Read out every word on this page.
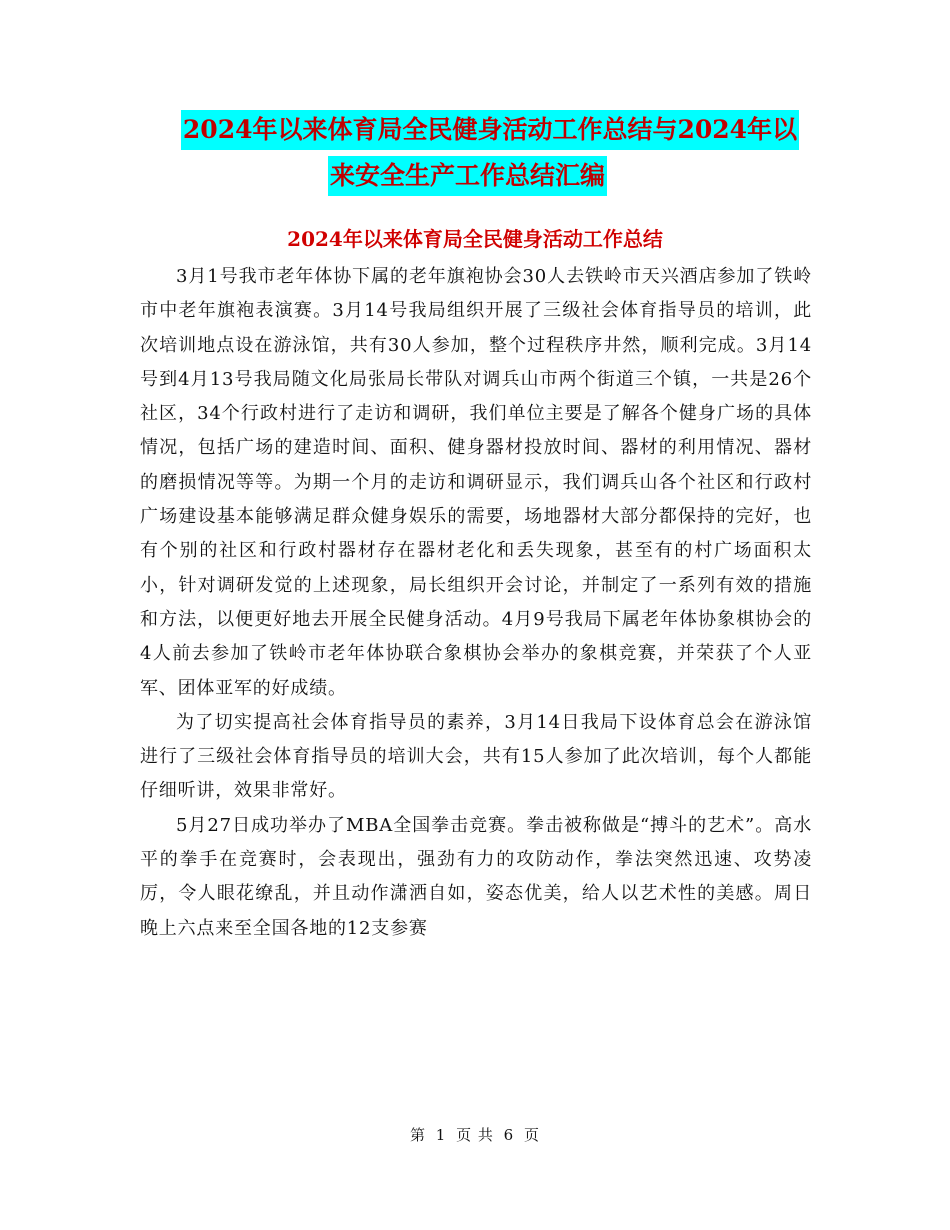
2024年以来体育局全民健身活动工作总结与2024年以
来安全生产工作总结汇编
2024年以来体育局全民健身活动工作总结

3月1号我市老年体协下属的老年旗袍协会30人去铁岭市天兴酒店参加了铁岭市中老年旗袍表演赛。3月14号我局组织开展了三级社会体育指导员的培训，此次培训地点设在游泳馆，共有30人参加，整个过程秩序井然，顺利完成。3月14号到4月13号我局随文化局张局长带队对调兵山市两个街道三个镇，一共是26个社区，34个行政村进行了走访和调研，我们单位主要是了解各个健身广场的具体情况，包括广场的建造时间、面积、健身器材投放时间、器材的利用情况、器材的磨损情况等等。为期一个月的走访和调研显示，我们调兵山各个社区和行政村广场建设基本能够满足群众健身娱乐的需要，场地器材大部分都保持的完好，也有个别的社区和行政村器材存在器材老化和丢失现象，甚至有的村广场面积太小，针对调研发觉的上述现象，局长组织开会讨论，并制定了一系列有效的措施和方法，以便更好地去开展全民健身活动。4月9号我局下属老年体协象棋协会的4人前去参加了铁岭市老年体协联合象棋协会举办的象棋竞赛，并荣获了个人亚军、团体亚军的好成绩。

为了切实提高社会体育指导员的素养，3月14日我局下设体育总会在游泳馆进行了三级社会体育指导员的培训大会，共有15人参加了此次培训，每个人都能仔细听讲，效果非常好。

5月27日成功举办了MBA全国拳击竞赛。拳击被称做是“搏斗的艺术”。高水平的拳手在竞赛时，会表现出，强劲有力的攻防动作，拳法突然迅速、攻势凌厉，令人眼花缭乱，并且动作潇洒自如，姿态优美，给人以艺术性的美感。周日晚上六点来至全国各地的12支参赛

第 1 页 共 6 页
